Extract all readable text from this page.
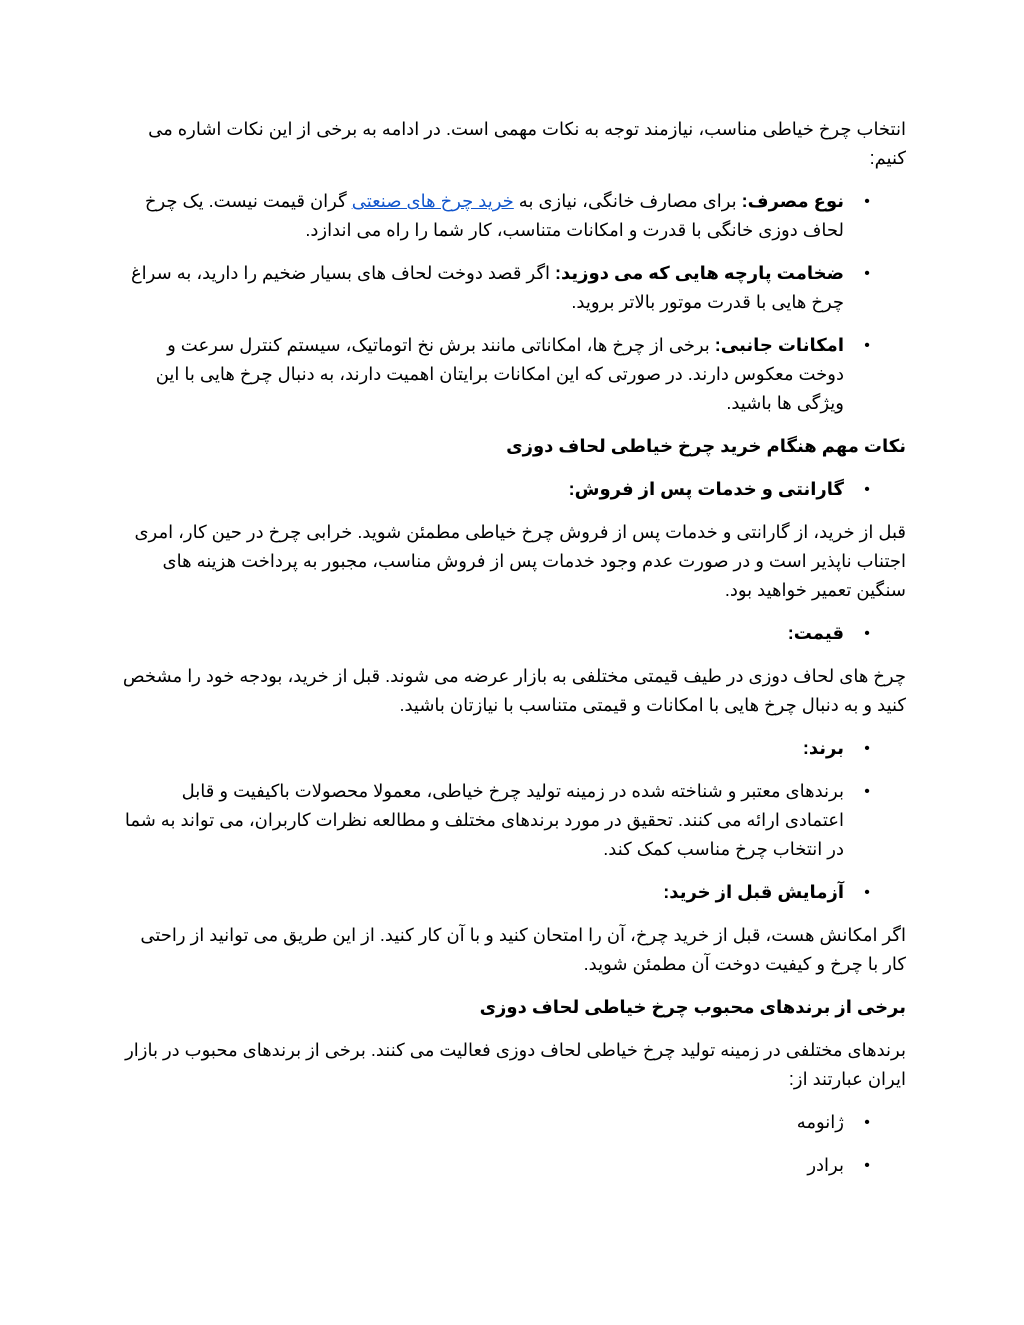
انتخاب چرخ خیاطی مناسب، نیازمند توجه به نکات مهمی است. در ادامه به برخی از این نکات اشاره می کنیم:

•
نوع مصرف: برای مصارف خانگی، نیازی به خرید چرخ های صنعتی گران قیمت نیست. یک چرخ لحاف دوزی خانگی با قدرت و امکانات متناسب، کار شما را راه می اندازد.
•
ضخامت پارچه هایی که می دوزید: اگر قصد دوخت لحاف های بسیار ضخیم را دارید، به سراغ چرخ هایی با قدرت موتور بالاتر بروید.
•
امکانات جانبی: برخی از چرخ ها، امکاناتی مانند برش نخ اتوماتیک، سیستم کنترل سرعت و دوخت معکوس دارند. در صورتی که این امکانات برایتان اهمیت دارند، به دنبال چرخ هایی با این ویژگی ها باشید.
نکات مهم هنگام خرید چرخ خیاطی لحاف دوزی
•
گارانتی و خدمات پس از فروش:

قبل از خرید، از گارانتی و خدمات پس از فروش چرخ خیاطی مطمئن شوید. خرابی چرخ در حین کار، امری اجتناب ناپذیر است و در صورت عدم وجود خدمات پس از فروش مناسب، مجبور به پرداخت هزینه های سنگین تعمیر خواهید بود.

•
قیمت:

چرخ های لحاف دوزی در طیف قیمتی مختلفی به بازار عرضه می شوند. قبل از خرید، بودجه خود را مشخص کنید و به دنبال چرخ هایی با امکانات و قیمتی متناسب با نیازتان باشید.

•
برند:
•
برندهای معتبر و شناخته شده در زمینه تولید چرخ خیاطی، معمولا محصولات باکیفیت و قابل اعتمادی ارائه می کنند. تحقیق در مورد برندهای مختلف و مطالعه نظرات کاربران، می تواند به شما در انتخاب چرخ مناسب کمک کند.
•
آزمایش قبل از خرید:

اگر امکانش هست، قبل از خرید چرخ، آن را امتحان کنید و با آن کار کنید. از این طریق می توانید از راحتی کار با چرخ و کیفیت دوخت آن مطمئن شوید.

برخی از برندهای محبوب چرخ خیاطی لحاف دوزی

برندهای مختلفی در زمینه تولید چرخ خیاطی لحاف دوزی فعالیت می کنند. برخی از برندهای محبوب در بازار ایران عبارتند از:

•
ژانومه
•
برادر
